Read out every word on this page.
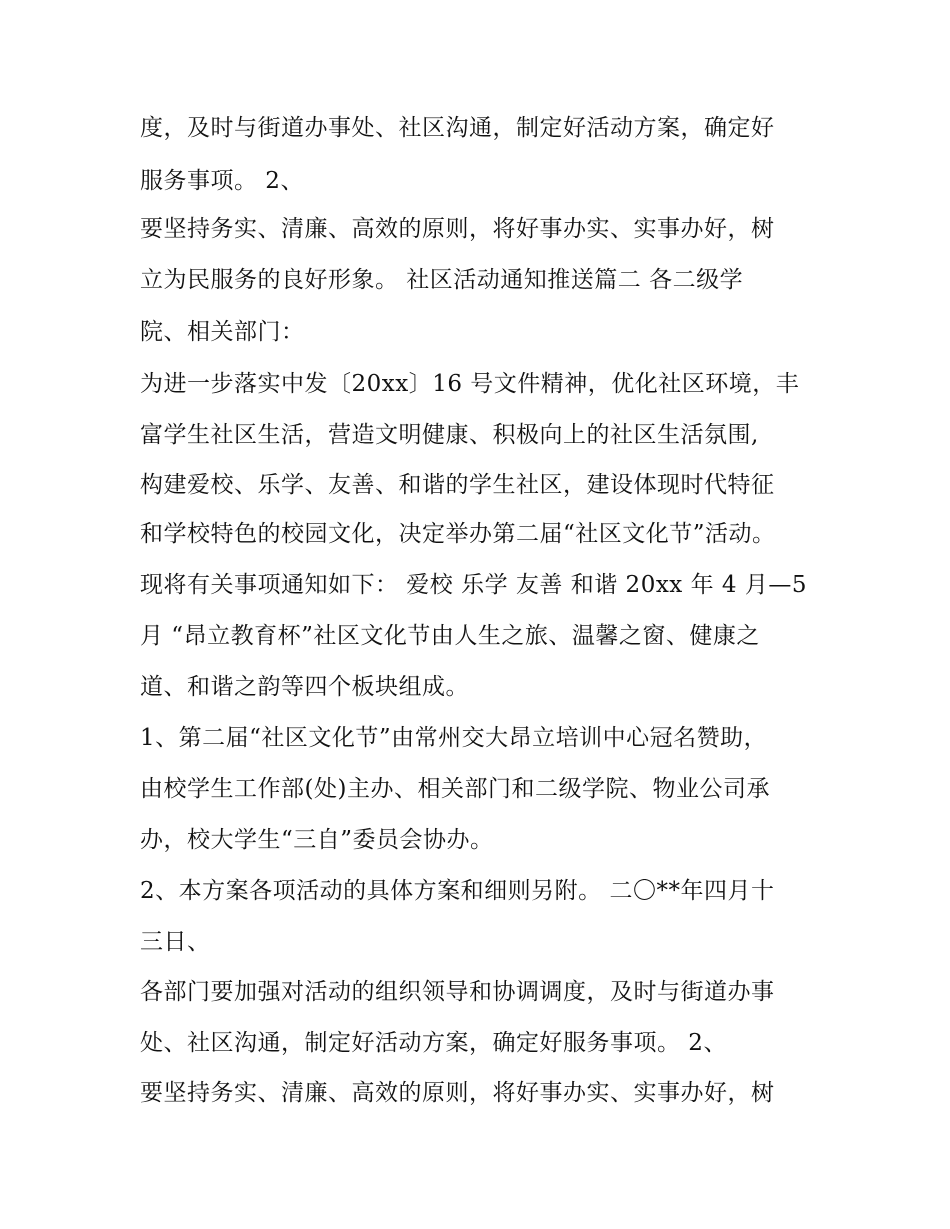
度，及时与街道办事处、社区沟通，制定好活动方案，确定好
服务事项。 2、
要坚持务实、清廉、高效的原则，将好事办实、实事办好，树
立为民服务的良好形象。 社区活动通知推送篇二 各二级学
院、相关部门：
为进一步落实中发〔20xx〕16 号文件精神，优化社区环境，丰
富学生社区生活，营造文明健康、积极向上的社区生活氛围,
构建爱校、乐学、友善、和谐的学生社区，建设体现时代特征
和学校特色的校园文化，决定举办第二届“社区文化节”活动。
现将有关事项通知如下： 爱校 乐学 友善 和谐 20xx 年 4 月—5
月 “昂立教育杯”社区文化节由人生之旅、温馨之窗、健康之
道、和谐之韵等四个板块组成。
1、第二届“社区文化节”由常州交大昂立培训中心冠名赞助，
由校学生工作部(处)主办、相关部门和二级学院、物业公司承
办，校大学生“三自”委员会协办。
2、本方案各项活动的具体方案和细则另附。 二〇**年四月十
三日、
各部门要加强对活动的组织领导和协调调度，及时与街道办事
处、社区沟通，制定好活动方案，确定好服务事项。 2、
要坚持务实、清廉、高效的原则，将好事办实、实事办好，树
